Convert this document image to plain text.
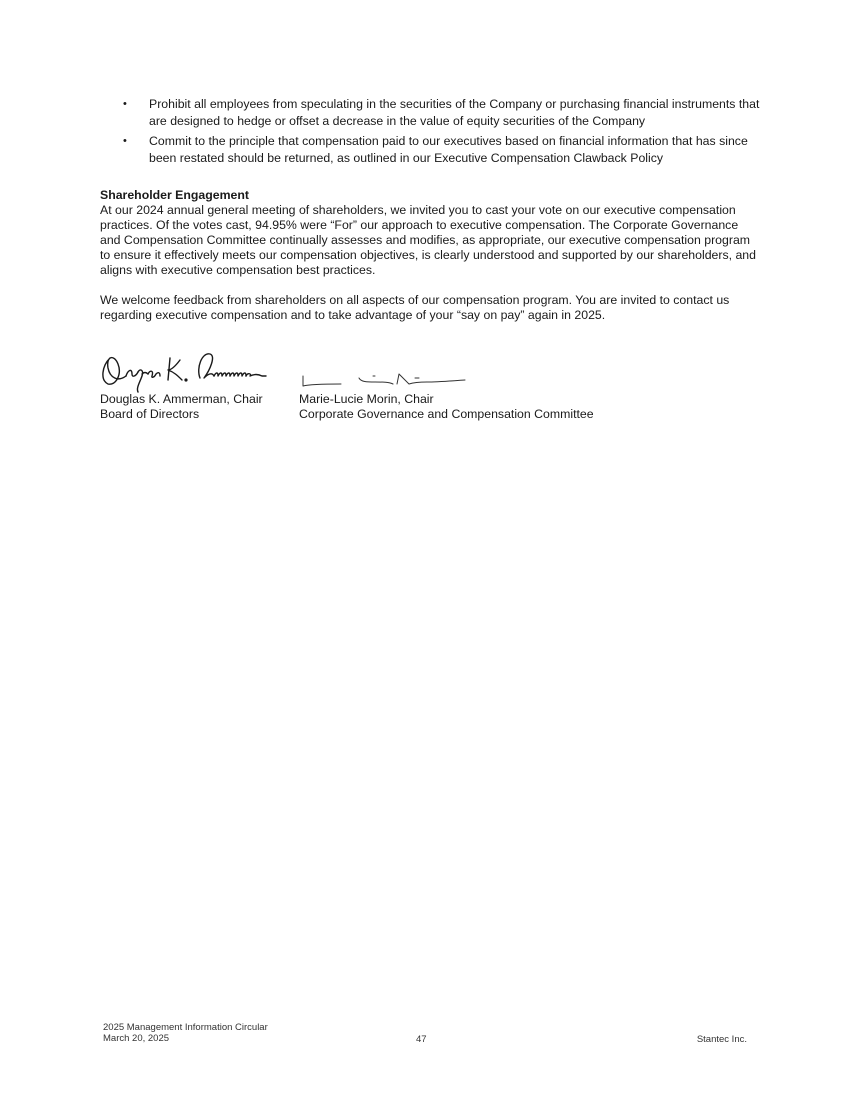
• Prohibit all employees from speculating in the securities of the Company or purchasing financial instruments that are designed to hedge or offset a decrease in the value of equity securities of the Company
• Commit to the principle that compensation paid to our executives based on financial information that has since been restated should be returned, as outlined in our Executive Compensation Clawback Policy

Shareholder Engagement

At our 2024 annual general meeting of shareholders, we invited you to cast your vote on our executive compensation practices. Of the votes cast, 94.95% were “For” our approach to executive compensation. The Corporate Governance and Compensation Committee continually assesses and modifies, as appropriate, our executive compensation program to ensure it effectively meets our compensation objectives, is clearly understood and supported by our shareholders, and aligns with executive compensation best practices.

We welcome feedback from shareholders on all aspects of our compensation program. You are invited to contact us regarding executive compensation and to take advantage of your “say on pay” again in 2025.

Douglas K. Ammerman, Chair
Board of Directors
Marie-Lucie Morin, Chair
Corporate Governance and Compensation Committee
2025 Management Information Circular
March 20, 2025	47	Stantec Inc.
